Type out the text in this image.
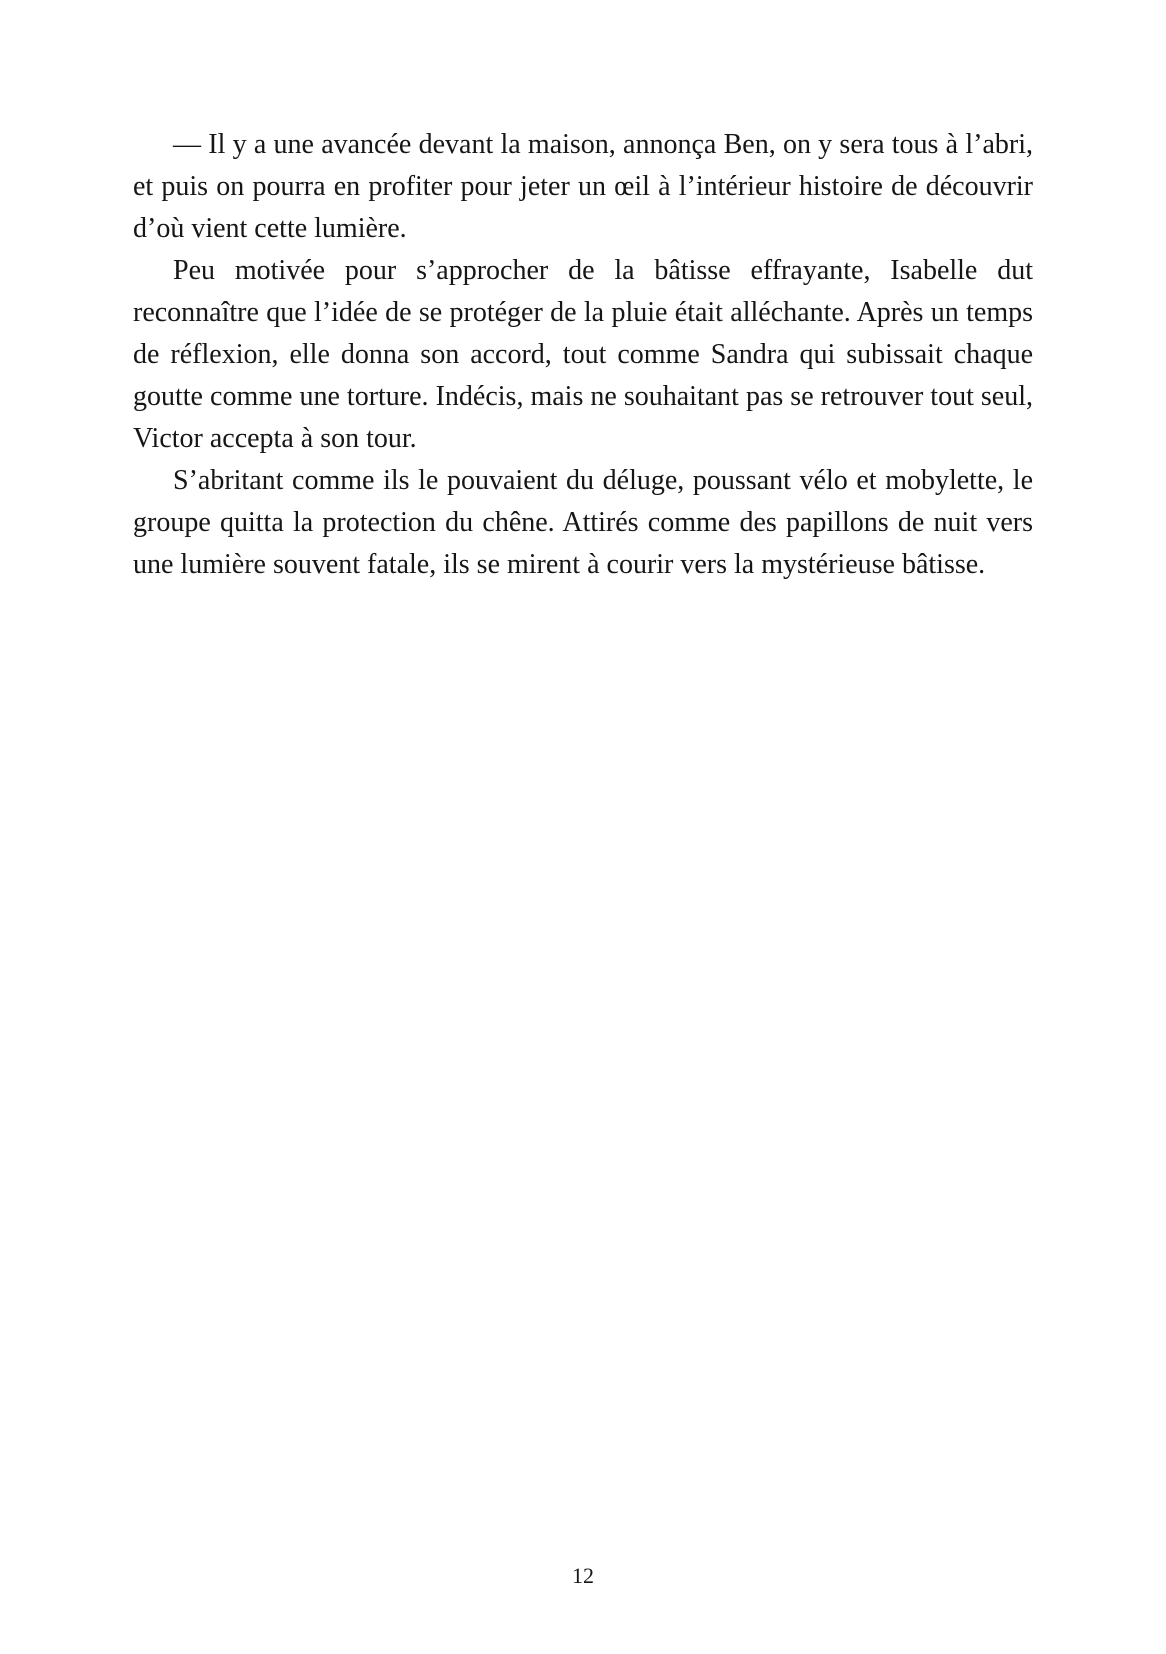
— Il y a une avancée devant la maison, annonça Ben, on y sera tous à l’abri, et puis on pourra en profiter pour jeter un œil à l’intérieur histoire de découvrir d’où vient cette lumière.

Peu motivée pour s’approcher de la bâtisse effrayante, Isabelle dut reconnaître que l’idée de se protéger de la pluie était alléchante. Après un temps de réflexion, elle donna son accord, tout comme Sandra qui subissait chaque goutte comme une torture. Indécis, mais ne souhaitant pas se retrouver tout seul, Victor accepta à son tour.

S’abritant comme ils le pouvaient du déluge, poussant vélo et mobylette, le groupe quitta la protection du chêne. Attirés comme des papillons de nuit vers une lumière souvent fatale, ils se mirent à courir vers la mystérieuse bâtisse.

12
